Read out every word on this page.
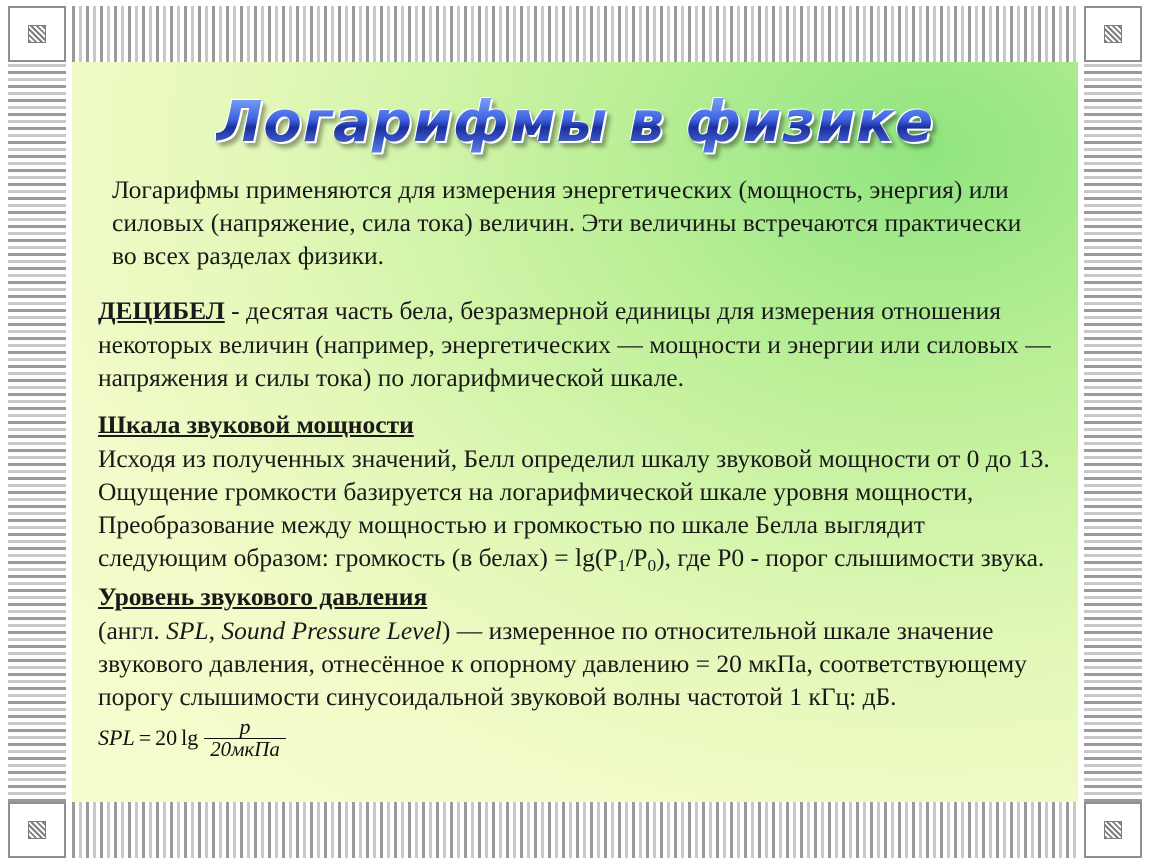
Логарифмы в физике

Логарифмы применяются для измерения энергетических (мощность, энергия) или силовых (напряжение, сила тока) величин. Эти величины встречаются практически во всех разделах физики.

ДЕЦИБЕЛ - десятая часть бела, безразмерной единицы для измерения отношения некоторых величин (например, энергетических — мощности и энергии или силовых — напряжения и силы тока) по логарифмической шкале.

Шкала звуковой мощности

Исходя из полученных значений, Белл определил шкалу звуковой мощности от 0 до 13. Ощущение громкости базируется на логарифмической шкале уровня мощности, Преобразование между мощностью и громкостью по шкале Белла выглядит следующим образом: громкость (в белах) = $\lg(P_1/P_0)$, где Р0 - порог слышимости звука.

Уровень звукового давления

(англ. SPL, Sound Pressure Level) — измеренное по относительной шкале значение звукового давления, отнесённое к опорному давлению = 20 мкПа, соответствующему порогу слышимости синусоидальной звуковой волны частотой 1 кГц: дБ.

SPL = 20 $\lg \frac{p}{\text{20мкПа}}$
